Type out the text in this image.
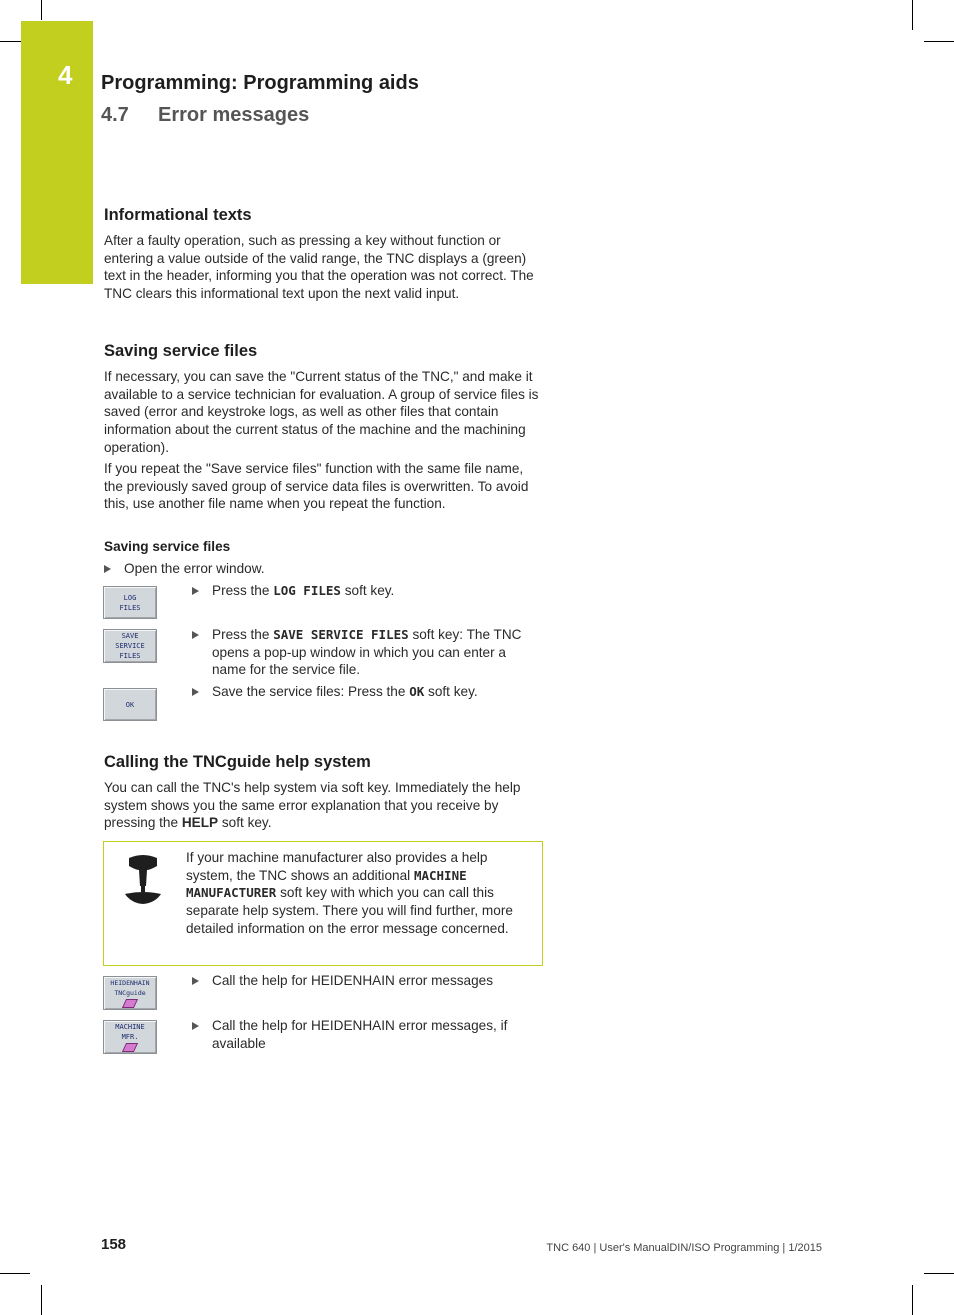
4 Programming: Programming aids
4.7 Error messages
Informational texts
After a faulty operation, such as pressing a key without function or entering a value outside of the valid range, the TNC displays a (green) text in the header, informing you that the operation was not correct. The TNC clears this informational text upon the next valid input.
Saving service files
If necessary, you can save the "Current status of the TNC," and make it available to a service technician for evaluation. A group of service files is saved (error and keystroke logs, as well as other files that contain information about the current status of the machine and the machining operation).
If you repeat the "Save service files" function with the same file name, the previously saved group of service data files is overwritten. To avoid this, use another file name when you repeat the function.
Saving service files
Open the error window.
LOG
FILES
Press the LOG FILES soft key.
SAVE
SERVICE
FILES
Press the SAVE SERVICE FILES soft key: The TNC opens a pop-up window in which you can enter a name for the service file.
OK
Save the service files: Press the OK soft key.
Calling the TNCguide help system
You can call the TNC's help system via soft key. Immediately the help system shows you the same error explanation that you receive by pressing the HELP soft key.
If your machine manufacturer also provides a help system, the TNC shows an additional MACHINE MANUFACTURER soft key with which you can call this separate help system. There you will find further, more detailed information on the error message concerned.
HEIDENHAIN
TNCguide
Call the help for HEIDENHAIN error messages
MACHINE
MFR.
Call the help for HEIDENHAIN error messages, if available
158	TNC 640 | User's ManualDIN/ISO Programming | 1/2015
